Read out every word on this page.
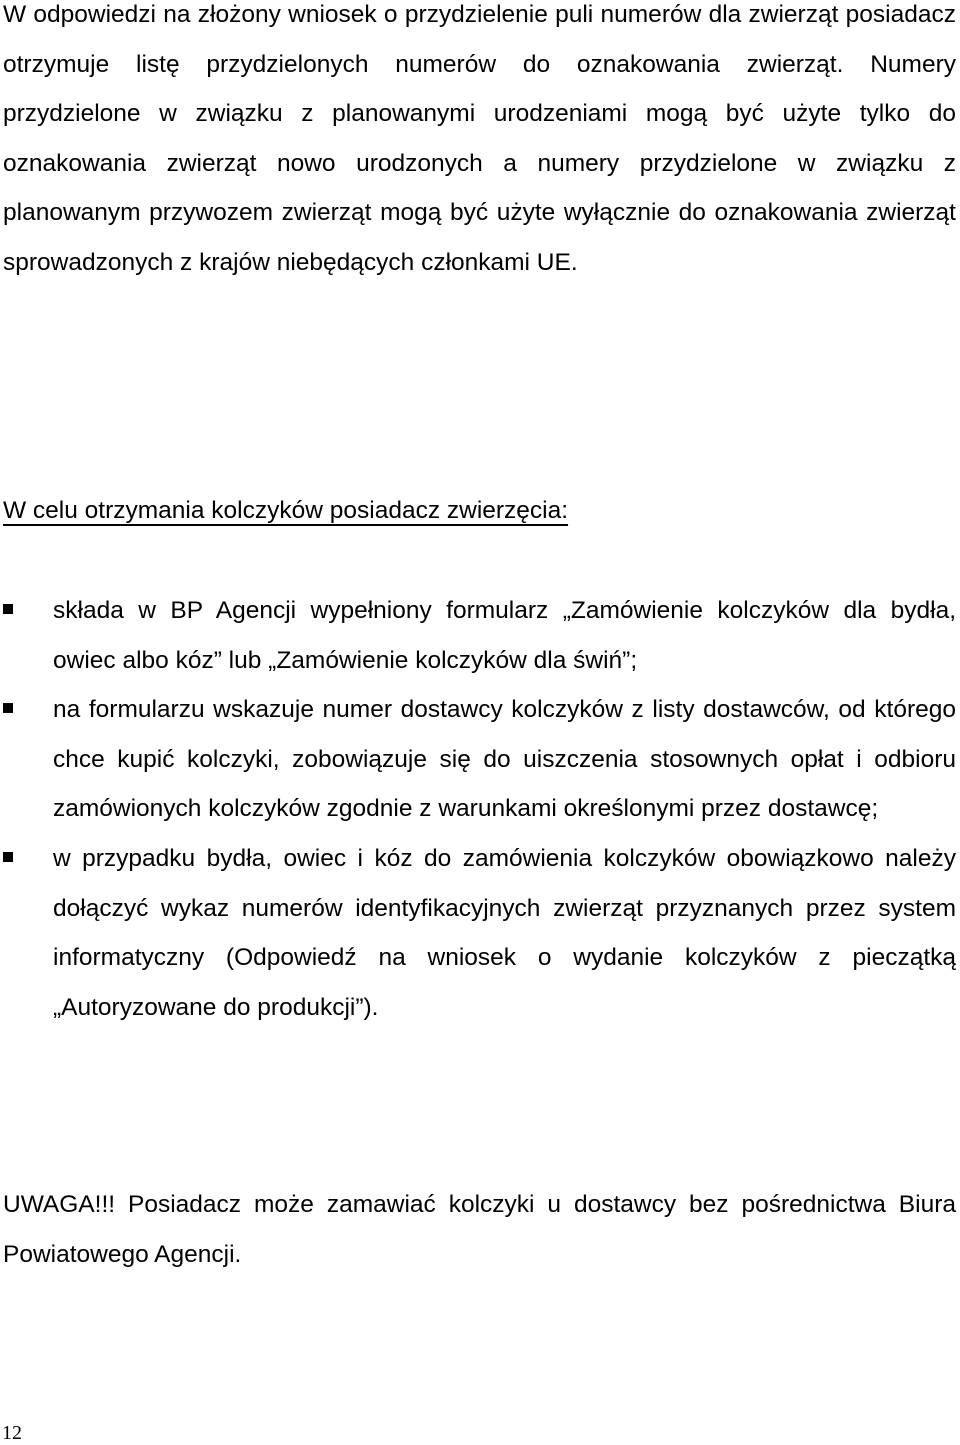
W odpowiedzi na złożony wniosek o przydzielenie puli numerów dla zwierząt posiadacz otrzymuje listę przydzielonych numerów do oznakowania zwierząt. Numery przydzielone w związku z planowanymi urodzeniami mogą być użyte tylko do oznakowania zwierząt nowo urodzonych a numery przydzielone w związku z planowanym przywozem zwierząt mogą być użyte wyłącznie do oznakowania zwierząt sprowadzonych z krajów niebędących członkami UE.

W celu otrzymania kolczyków posiadacz zwierzęcia:

składa w BP Agencji wypełniony formularz „Zamówienie kolczyków dla bydła, owiec albo kóz” lub „Zamówienie kolczyków dla świń”;
na formularzu wskazuje numer dostawcy kolczyków z listy dostawców, od którego chce kupić kolczyki, zobowiązuje się do uiszczenia stosownych opłat i odbioru zamówionych kolczyków zgodnie z warunkami określonymi przez dostawcę;
w przypadku bydła, owiec i kóz do zamówienia kolczyków obowiązkowo należy dołączyć wykaz numerów identyfikacyjnych zwierząt przyznanych przez system informatyczny (Odpowiedź na wniosek o wydanie kolczyków z pieczątką „Autoryzowane do produkcji”).

UWAGA!!! Posiadacz może zamawiać kolczyki u dostawcy bez pośrednictwa Biura Powiatowego Agencji.

12
